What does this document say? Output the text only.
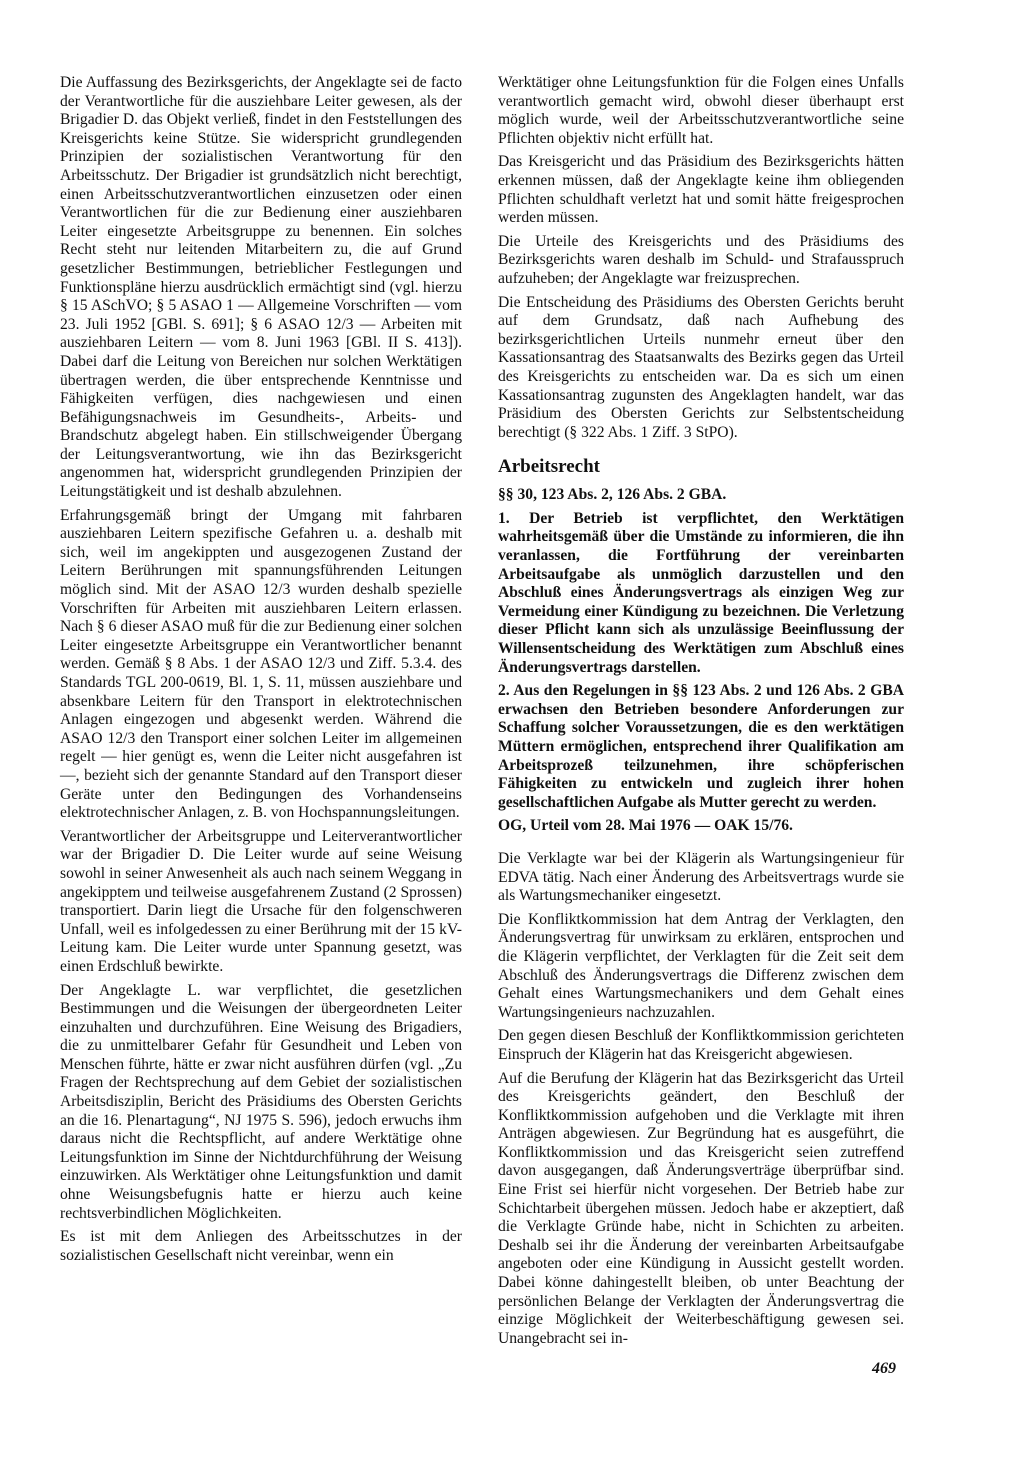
Die Auffassung des Bezirksgerichts, der Angeklagte sei de facto der Verantwortliche für die ausziehbare Leiter gewesen, als der Brigadier D. das Objekt verließ, findet in den Feststellungen des Kreisgerichts keine Stütze. Sie widerspricht grundlegenden Prinzipien der sozialistischen Verantwortung für den Arbeitsschutz. Der Brigadier ist grundsätzlich nicht berechtigt, einen Arbeitsschutzverantwortlichen einzusetzen oder einen Verantwortlichen für die zur Bedienung einer ausziehbaren Leiter eingesetzte Arbeitsgruppe zu benennen. Ein solches Recht steht nur leitenden Mitarbeitern zu, die auf Grund gesetzlicher Bestimmungen, betrieblicher Festlegungen und Funktionspläne hierzu ausdrücklich ermächtigt sind (vgl. hierzu § 15 ASchVO; § 5 ASAO 1 — Allgemeine Vorschriften — vom 23. Juli 1952 [GBl. S. 691]; § 6 ASAO 12/3 — Arbeiten mit ausziehbaren Leitern — vom 8. Juni 1963 [GBl. II S. 413]). Dabei darf die Leitung von Bereichen nur solchen Werktätigen übertragen werden, die über entsprechende Kenntnisse und Fähigkeiten verfügen, dies nachgewiesen und einen Befähigungsnachweis im Gesundheits-, Arbeits- und Brandschutz abgelegt haben. Ein stillschweigender Übergang der Leitungsverantwortung, wie ihn das Bezirksgericht angenommen hat, widerspricht grundlegenden Prinzipien der Leitungstätigkeit und ist deshalb abzulehnen.

Erfahrungsgemäß bringt der Umgang mit fahrbaren ausziehbaren Leitern spezifische Gefahren u. a. deshalb mit sich, weil im angekippten und ausgezogenen Zustand der Leitern Berührungen mit spannungsführenden Leitungen möglich sind. Mit der ASAO 12/3 wurden deshalb spezielle Vorschriften für Arbeiten mit ausziehbaren Leitern erlassen. Nach § 6 dieser ASAO muß für die zur Bedienung einer solchen Leiter eingesetzte Arbeitsgruppe ein Verantwortlicher benannt werden. Gemäß § 8 Abs. 1 der ASAO 12/3 und Ziff. 5.3.4. des Standards TGL 200-0619, Bl. 1, S. 11, müssen ausziehbare und absenkbare Leitern für den Transport in elektrotechnischen Anlagen eingezogen und abgesenkt werden. Während die ASAO 12/3 den Transport einer solchen Leiter im allgemeinen regelt — hier genügt es, wenn die Leiter nicht ausgefahren ist —, bezieht sich der genannte Standard auf den Transport dieser Geräte unter den Bedingungen des Vorhandenseins elektrotechnischer Anlagen, z. B. von Hochspannungsleitungen.

Verantwortlicher der Arbeitsgruppe und Leiterverantwortlicher war der Brigadier D. Die Leiter wurde auf seine Weisung sowohl in seiner Anwesenheit als auch nach seinem Weggang in angekipptem und teilweise ausgefahrenem Zustand (2 Sprossen) transportiert. Darin liegt die Ursache für den folgenschweren Unfall, weil es infolgedessen zu einer Berührung mit der 15 kV-Leitung kam. Die Leiter wurde unter Spannung gesetzt, was einen Erdschluß bewirkte.

Der Angeklagte L. war verpflichtet, die gesetzlichen Bestimmungen und die Weisungen der übergeordneten Leiter einzuhalten und durchzuführen. Eine Weisung des Brigadiers, die zu unmittelbarer Gefahr für Gesundheit und Leben von Menschen führte, hätte er zwar nicht ausführen dürfen (vgl. „Zu Fragen der Rechtsprechung auf dem Gebiet der sozialistischen Arbeitsdisziplin, Bericht des Präsidiums des Obersten Gerichts an die 16. Plenartagung“, NJ 1975 S. 596), jedoch erwuchs ihm daraus nicht die Rechtspflicht, auf andere Werktätige ohne Leitungsfunktion im Sinne der Nichtdurchführung der Weisung einzuwirken. Als Werktätiger ohne Leitungsfunktion und damit ohne Weisungsbefugnis hatte er hierzu auch keine rechtsverbindlichen Möglichkeiten.

Es ist mit dem Anliegen des Arbeitsschutzes in der sozialistischen Gesellschaft nicht vereinbar, wenn ein

Werktätiger ohne Leitungsfunktion für die Folgen eines Unfalls verantwortlich gemacht wird, obwohl dieser überhaupt erst möglich wurde, weil der Arbeitsschutzverantwortliche seine Pflichten objektiv nicht erfüllt hat.

Das Kreisgericht und das Präsidium des Bezirksgerichts hätten erkennen müssen, daß der Angeklagte keine ihm obliegenden Pflichten schuldhaft verletzt hat und somit hätte freigesprochen werden müssen.

Die Urteile des Kreisgerichts und des Präsidiums des Bezirksgerichts waren deshalb im Schuld- und Strafausspruch aufzuheben; der Angeklagte war freizusprechen.

Die Entscheidung des Präsidiums des Obersten Gerichts beruht auf dem Grundsatz, daß nach Aufhebung des bezirksgerichtlichen Urteils nunmehr erneut über den Kassationsantrag des Staatsanwalts des Bezirks gegen das Urteil des Kreisgerichts zu entscheiden war. Da es sich um einen Kassationsantrag zugunsten des Angeklagten handelt, war das Präsidium des Obersten Gerichts zur Selbstentscheidung berechtigt (§ 322 Abs. 1 Ziff. 3 StPO).

Arbeitsrecht

§§ 30, 123 Abs. 2, 126 Abs. 2 GBA.

1. Der Betrieb ist verpflichtet, den Werktätigen wahrheitsgemäß über die Umstände zu informieren, die ihn veranlassen, die Fortführung der vereinbarten Arbeitsaufgabe als unmöglich darzustellen und den Abschluß eines Änderungsvertrags als einzigen Weg zur Vermeidung einer Kündigung zu bezeichnen. Die Verletzung dieser Pflicht kann sich als unzulässige Beeinflussung der Willensentscheidung des Werktätigen zum Abschluß eines Änderungsvertrags darstellen.

2. Aus den Regelungen in §§ 123 Abs. 2 und 126 Abs. 2 GBA erwachsen den Betrieben besondere Anforderungen zur Schaffung solcher Voraussetzungen, die es den werktätigen Müttern ermöglichen, entsprechend ihrer Qualifikation am Arbeitsprozeß teilzunehmen, ihre schöpferischen Fähigkeiten zu entwickeln und zugleich ihrer hohen gesellschaftlichen Aufgabe als Mutter gerecht zu werden.

OG, Urteil vom 28. Mai 1976 — OAK 15/76.

Die Verklagte war bei der Klägerin als Wartungsingenieur für EDVA tätig. Nach einer Änderung des Arbeitsvertrags wurde sie als Wartungsmechaniker eingesetzt.

Die Konfliktkommission hat dem Antrag der Verklagten, den Änderungsvertrag für unwirksam zu erklären, entsprochen und die Klägerin verpflichtet, der Verklagten für die Zeit seit dem Abschluß des Änderungsvertrags die Differenz zwischen dem Gehalt eines Wartungsmechanikers und dem Gehalt eines Wartungsingenieurs nachzuzahlen.

Den gegen diesen Beschluß der Konfliktkommission gerichteten Einspruch der Klägerin hat das Kreisgericht abgewiesen.

Auf die Berufung der Klägerin hat das Bezirksgericht das Urteil des Kreisgerichts geändert, den Beschluß der Konfliktkommission aufgehoben und die Verklagte mit ihren Anträgen abgewiesen. Zur Begründung hat es ausgeführt, die Konfliktkommission und das Kreisgericht seien zutreffend davon ausgegangen, daß Änderungsverträge überprüfbar sind. Eine Frist sei hierfür nicht vorgesehen. Der Betrieb habe zur Schichtarbeit übergehen müssen. Jedoch habe er akzeptiert, daß die Verklagte Gründe habe, nicht in Schichten zu arbeiten. Deshalb sei ihr die Änderung der vereinbarten Arbeitsaufgabe angeboten oder eine Kündigung in Aussicht gestellt worden. Dabei könne dahingestellt bleiben, ob unter Beachtung der persönlichen Belange der Verklagten der Änderungsvertrag die einzige Möglichkeit der Weiterbeschäftigung gewesen sei. Unangebracht sei in-

469
